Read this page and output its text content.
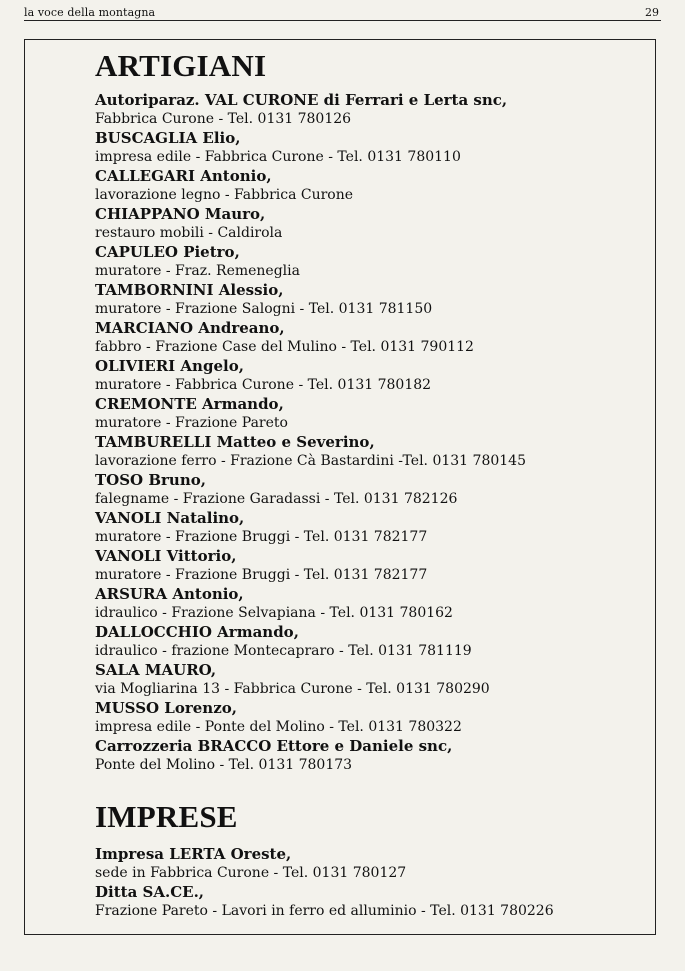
la voce della montagna	29
ARTIGIANI
Autoriparaz. VAL CURONE di Ferrari e Lerta snc,
Fabbrica Curone - Tel. 0131 780126
BUSCAGLIA Elio,
impresa edile - Fabbrica Curone - Tel. 0131 780110
CALLEGARI Antonio,
lavorazione legno - Fabbrica Curone
CHIAPPANO Mauro,
restauro mobili - Caldirola
CAPULEO Pietro,
muratore - Fraz. Remeneglia
TAMBORNINI Alessio,
muratore - Frazione Salogni - Tel. 0131 781150
MARCIANO Andreano,
fabbro - Frazione Case del Mulino - Tel. 0131 790112
OLIVIERI Angelo,
muratore - Fabbrica Curone - Tel. 0131 780182
CREMONTE Armando,
muratore - Frazione Pareto
TAMBURELLI Matteo e Severino,
lavorazione ferro - Frazione Cà Bastardini -Tel. 0131 780145
TOSO Bruno,
falegname - Frazione Garadassi - Tel. 0131 782126
VANOLI Natalino,
muratore - Frazione Bruggi - Tel. 0131 782177
VANOLI Vittorio,
muratore - Frazione Bruggi - Tel. 0131 782177
ARSURA Antonio,
idraulico - Frazione Selvapiana - Tel. 0131 780162
DALLOCCHIO Armando,
idraulico - frazione Montecapraro - Tel. 0131 781119
SALA MAURO,
via Mogliarina 13 - Fabbrica Curone - Tel. 0131 780290
MUSSO Lorenzo,
impresa edile - Ponte del Molino - Tel. 0131 780322
Carrozzeria BRACCO Ettore e Daniele snc,
Ponte del Molino - Tel. 0131 780173
IMPRESE
Impresa LERTA Oreste,
sede in Fabbrica Curone - Tel. 0131 780127
Ditta SA.CE.,
Frazione Pareto - Lavori in ferro ed alluminio - Tel. 0131 780226
